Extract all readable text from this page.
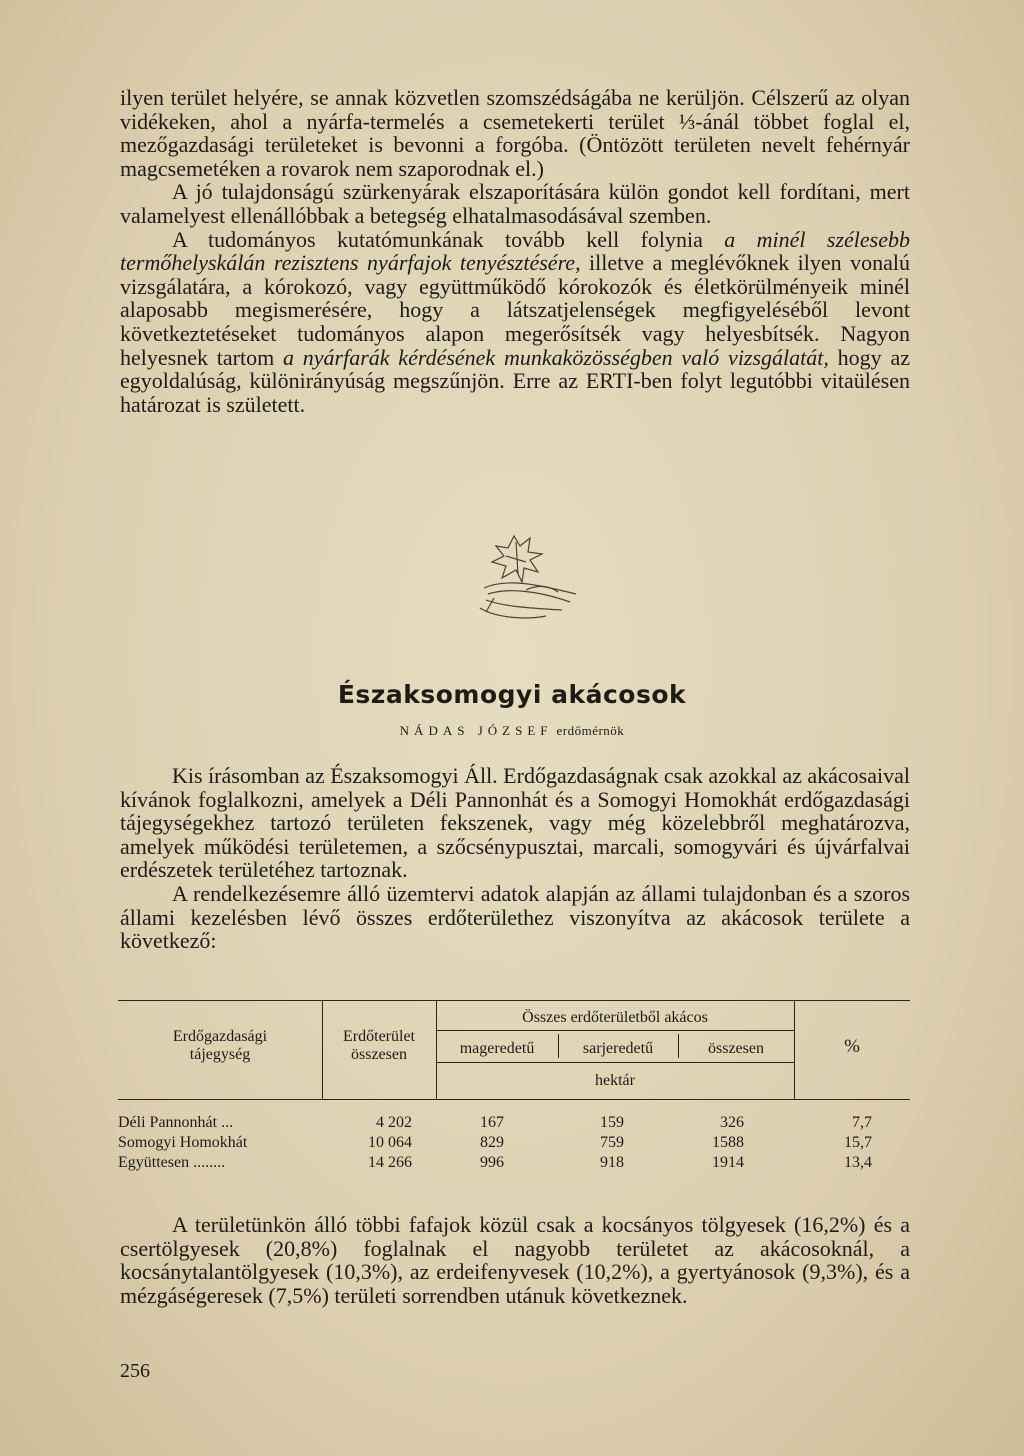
ilyen terület helyére, se annak közvetlen szomszédságába ne kerüljön. Célszerű az olyan vidékeken, ahol a nyárfa-termelés a csemetekerti terület ⅓-ánál többet foglal el, mezőgazdasági területeket is bevonni a forgóba. (Öntözött területen nevelt fehérnyár magcsemetéken a rovarok nem szaporodnak el.)

A jó tulajdonságú szürkenyárak elszaporítására külön gondot kell fordítani, mert valamelyest ellenállóbbak a betegség elhatalmasodásával szemben.

A tudományos kutatómunkának tovább kell folynia a minél szélesebb termőhelyskálán rezisztens nyárfajok tenyésztésére, illetve a meglévőknek ilyen vonalú vizsgálatára, a kórokozó, vagy együttműködő kórokozók és életkörülményeik minél alaposabb megismerésére, hogy a látszatjelenségek megfigyeléséből levont következtetéseket tudományos alapon megerősítsék vagy helyesbítsék. Nagyon helyesnek tartom a nyárfarák kérdésének munkaközösségben való vizsgálatát, hogy az egyoldalúság, különirányúság megszűnjön. Erre az ERTI-ben folyt legutóbbi vitaülésen határozat is született.

Északsomogyi akácosok
NÁDAS JÓZSEF erdőmérnök

Kis írásomban az Északsomogyi Áll. Erdőgazdaságnak csak azokkal az akácosaival kívánok foglalkozni, amelyek a Déli Pannonhát és a Somogyi Homokhát erdőgazdasági tájegységekhez tartozó területen fekszenek, vagy még közelebbről meghatározva, amelyek működési területemen, a szőcsénypusztai, marcali, somogyvári és újvárfalvai erdészetek területéhez tartoznak.

A rendelkezésemre álló üzemtervi adatok alapján az állami tulajdonban és a szoros állami kezelésben lévő összes erdőterülethez viszonyítva az akácosok területe a következő:

Erdőgazdasági
tájegység
Erdőterület
összesen
Összes erdőterületből akácos
mageredetű	sarjeredetű	összesen
hektár
%
Déli Pannonhát ...	4 202	167	159	326	7,7
Somogyi Homokhát	10 064	829	759	1588	15,7
Együttesen ........	14 266	996	918	1914	13,4

A területünkön álló többi fafajok közül csak a kocsányos tölgyesek (16,2%) és a csertölgyesek (20,8%) foglalnak el nagyobb területet az akácosoknál, a kocsánytalantölgyesek (10,3%), az erdeifenyvesek (10,2%), a gyertyánosok (9,3%), és a mézgáségeresek (7,5%) területi sorrendben utánuk következnek.

256
